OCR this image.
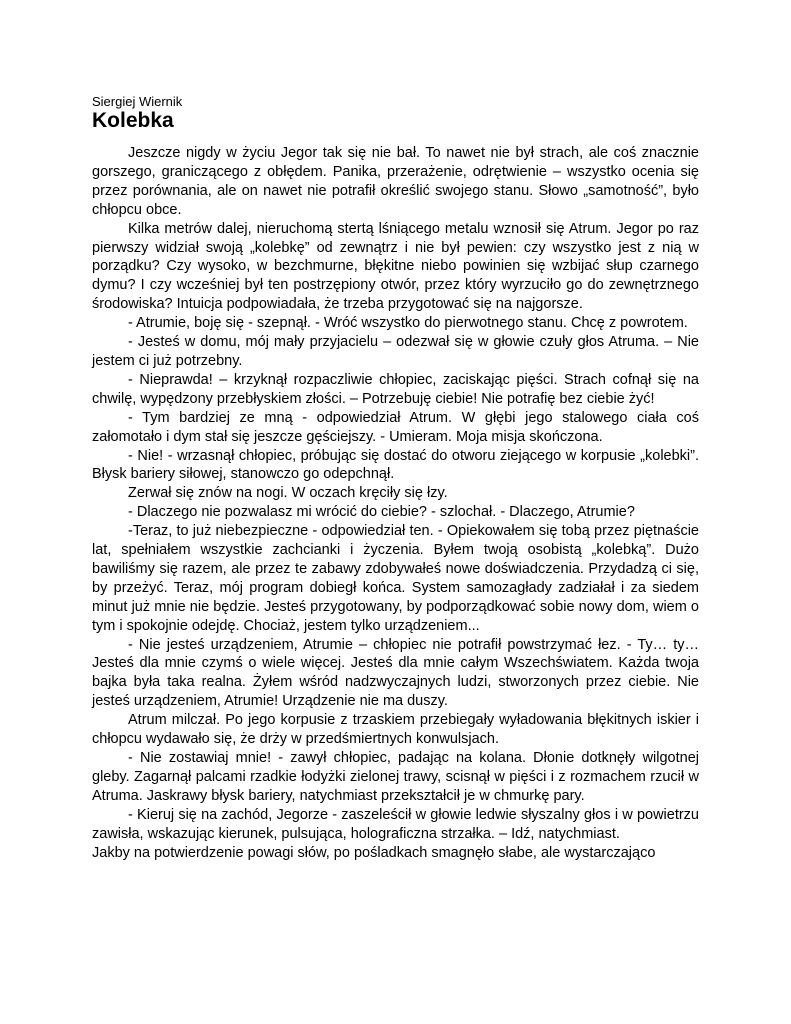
Siergiej Wiernik
Kolebka

Jeszcze nigdy w życiu Jegor tak się nie bał. To nawet nie był strach, ale coś znacznie gorszego, graniczącego z obłędem. Panika, przerażenie, odrętwienie – wszystko ocenia się przez porównania, ale on nawet nie potrafił określić swojego stanu. Słowo „samotność”, było chłopcu obce.

Kilka metrów dalej, nieruchomą stertą lśniącego metalu wznosił się Atrum. Jegor po raz pierwszy widział swoją „kolebkę” od zewnątrz i nie był pewien: czy wszystko jest z nią w porządku? Czy wysoko, w bezchmurne, błękitne niebo powinien się wzbijać słup czarnego dymu? I czy wcześniej był ten postrzępiony otwór, przez który wyrzuciło go do zewnętrznego środowiska? Intuicja podpowiadała, że trzeba przygotować się na najgorsze.

- Atrumie, boję się - szepnął. - Wróć wszystko do pierwotnego stanu. Chcę z powrotem.

- Jesteś w domu, mój mały przyjacielu – odezwał się w głowie czuły głos Atruma. – Nie jestem ci już potrzebny.

- Nieprawda! – krzyknął rozpaczliwie chłopiec, zaciskając pięści. Strach cofnął się na chwilę, wypędzony przebłyskiem złości. – Potrzebuję ciebie! Nie potrafię bez ciebie żyć!

- Tym bardziej ze mną - odpowiedział Atrum. W głębi jego stalowego ciała coś załomotało i dym stał się jeszcze gęściejszy. - Umieram. Moja misja skończona.

- Nie! - wrzasnął chłopiec, próbując się dostać do otworu ziejącego w korpusie „kolebki”. Błysk bariery siłowej, stanowczo go odepchnął.

Zerwał się znów na nogi. W oczach kręciły się łzy.

- Dlaczego nie pozwalasz mi wrócić do ciebie? - szlochał. - Dlaczego, Atrumie?

-Teraz, to już niebezpieczne - odpowiedział ten. - Opiekowałem się tobą przez piętnaście lat, spełniałem wszystkie zachcianki i życzenia. Byłem twoją osobistą „kolebką”. Dużo bawiliśmy się razem, ale przez te zabawy zdobywałeś nowe doświadczenia. Przydadzą ci się, by przeżyć. Teraz, mój program dobiegł końca. System samozagłady zadziałał i za siedem minut już mnie nie będzie. Jesteś przygotowany, by podporządkować sobie nowy dom, wiem o tym i spokojnie odejdę. Chociaż, jestem tylko urządzeniem...

- Nie jesteś urządzeniem, Atrumie – chłopiec nie potrafił powstrzymać łez. - Ty… ty… Jesteś dla mnie czymś o wiele więcej. Jesteś dla mnie całym Wszechświatem. Każda twoja bajka była taka realna. Żyłem wśród nadzwyczajnych ludzi, stworzonych przez ciebie. Nie jesteś urządzeniem, Atrumie! Urządzenie nie ma duszy.

Atrum milczał. Po jego korpusie z trzaskiem przebiegały wyładowania błękitnych iskier i chłopcu wydawało się, że drży w przedśmiertnych konwulsjach.

- Nie zostawiaj mnie! - zawył chłopiec, padając na kolana. Dłonie dotknęły wilgotnej gleby. Zagarnął palcami rzadkie łodyżki zielonej trawy, scisnął w pięści i z rozmachem rzucił w Atruma. Jaskrawy błysk bariery, natychmiast przekształcił je w chmurkę pary.

- Kieruj się na zachód, Jegorze - zaszeleścił w głowie ledwie słyszalny głos i w powietrzu zawisła, wskazując kierunek, pulsująca, holograficzna strzałka. – Idź, natychmiast.

Jakby na potwierdzenie powagi słów, po pośladkach smagnęło słabe, ale wystarczająco
